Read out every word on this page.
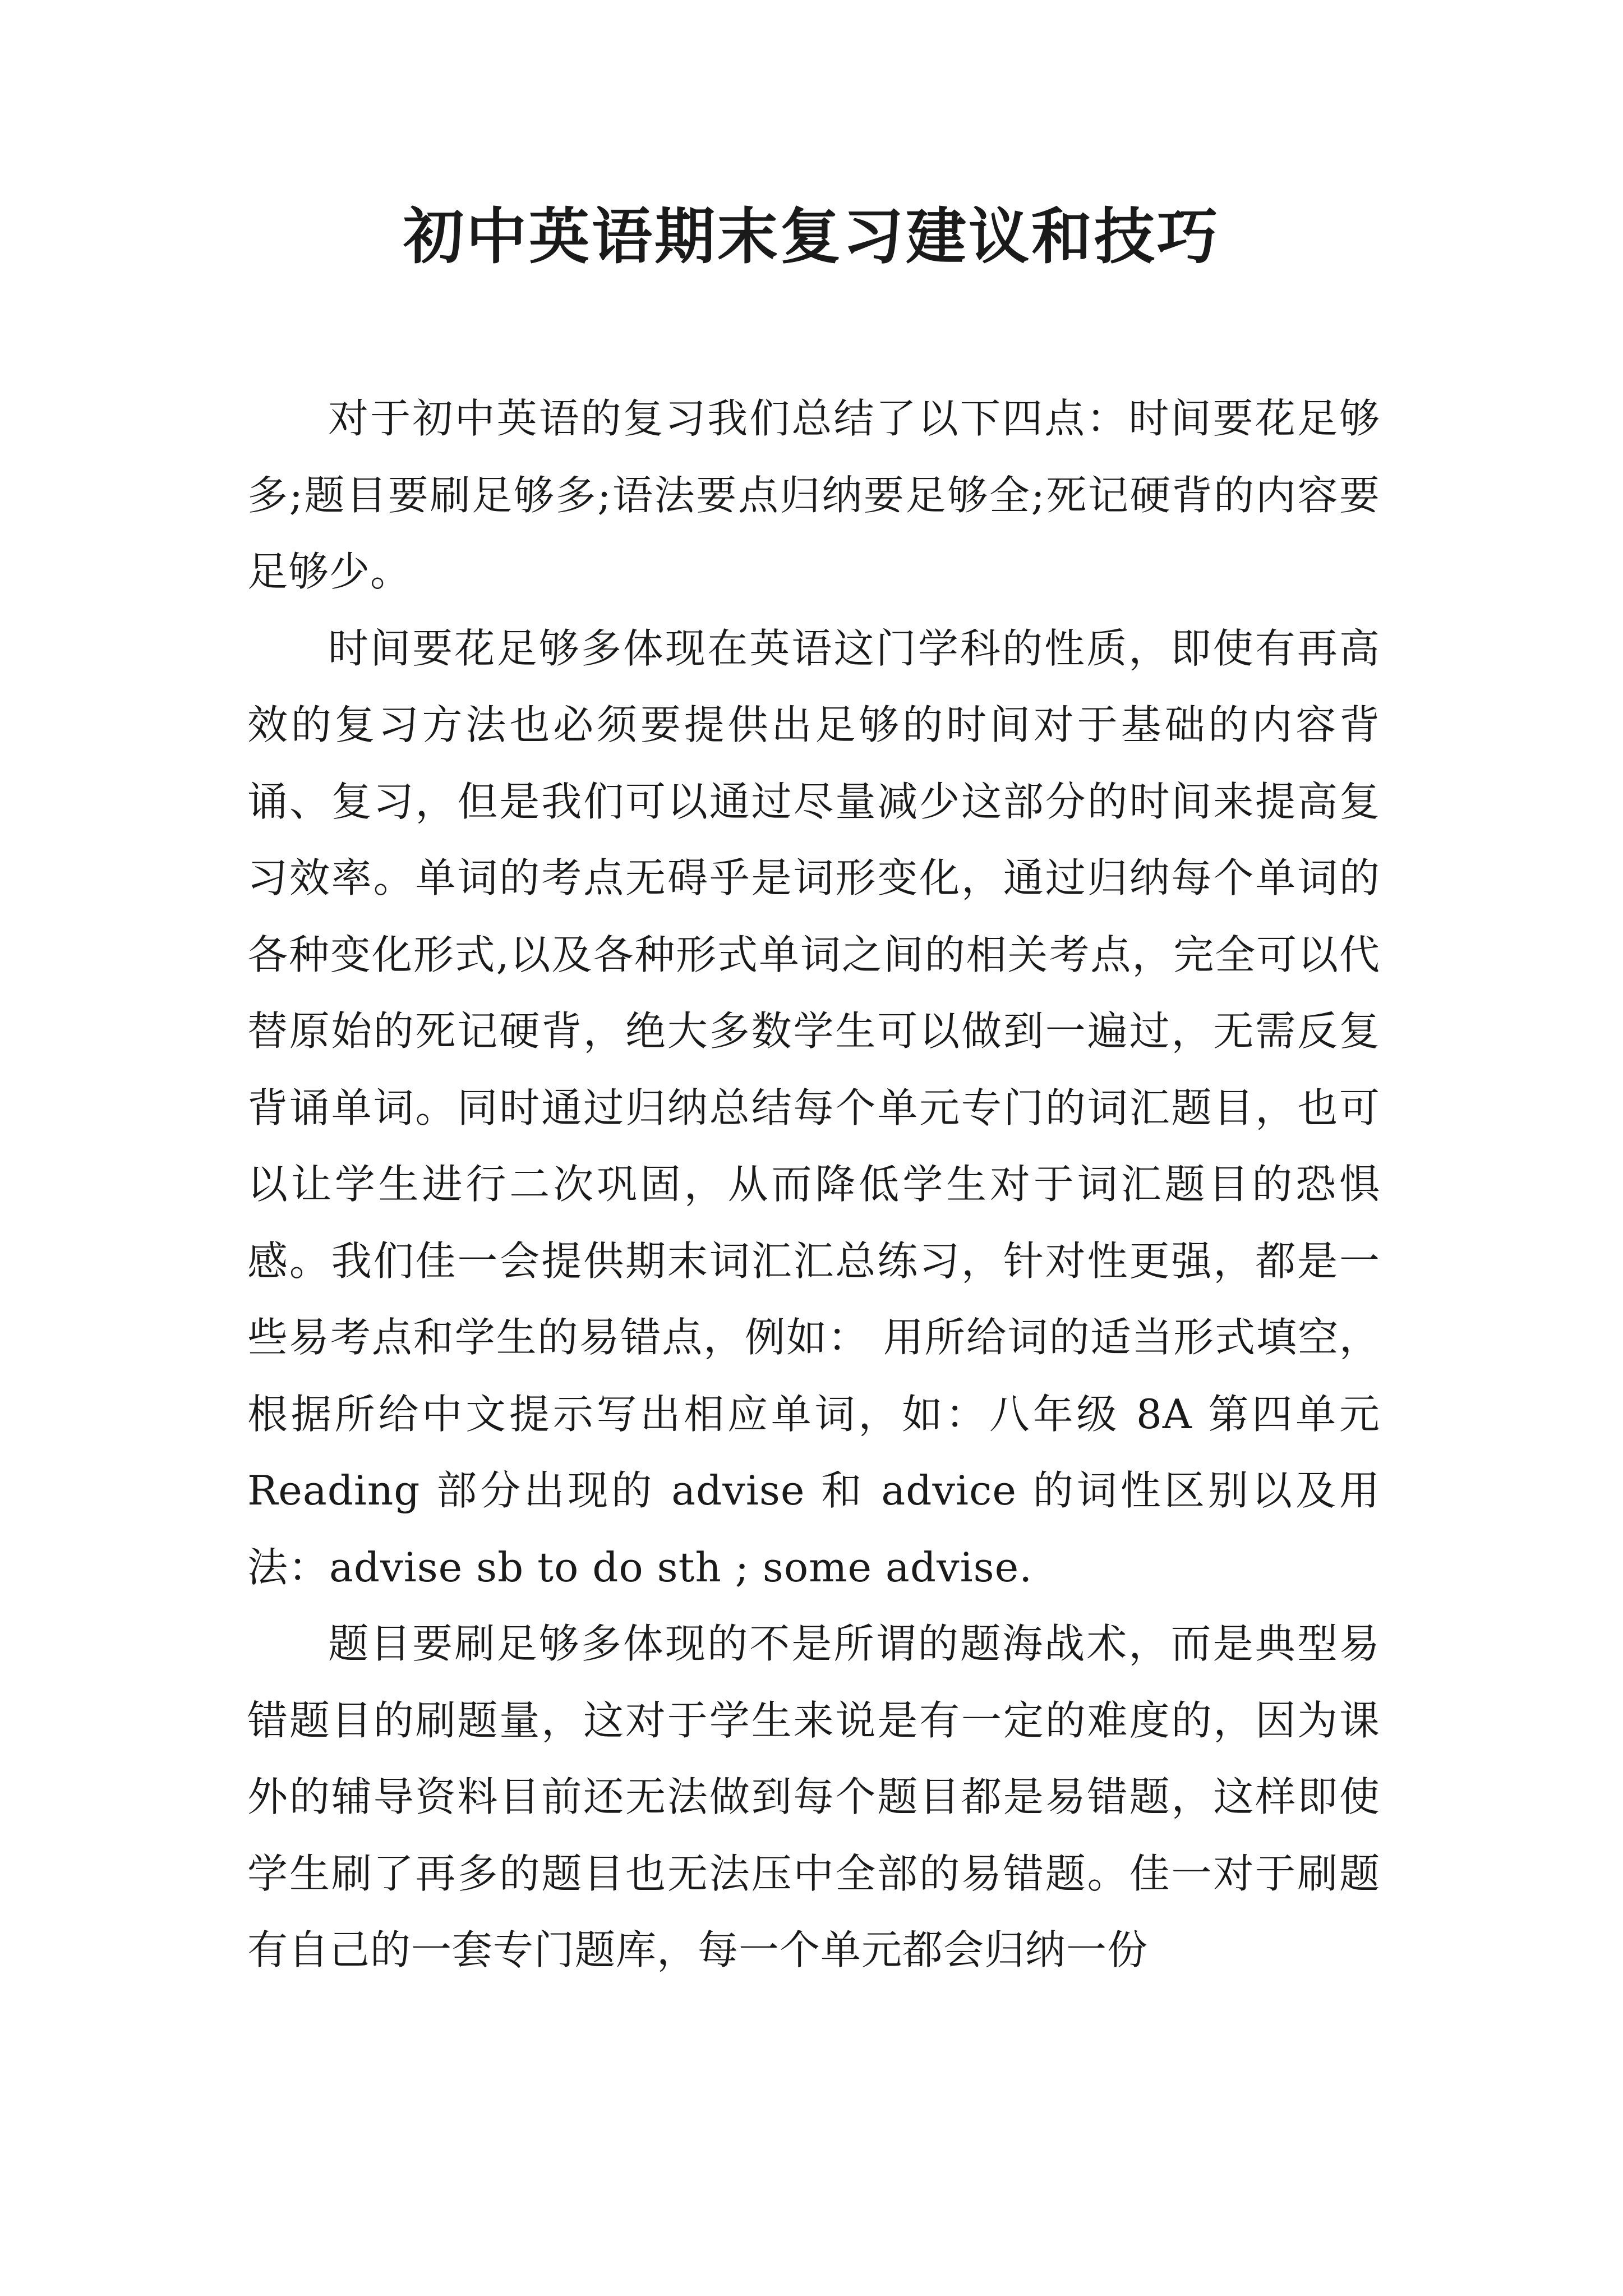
初中英语期末复习建议和技巧

对于初中英语的复习我们总结了以下四点：时间要花足够多;题目要刷足够多;语法要点归纳要足够全;死记硬背的内容要足够少。

时间要花足够多体现在英语这门学科的性质，即使有再高效的复习方法也必须要提供出足够的时间对于基础的内容背诵、复习，但是我们可以通过尽量减少这部分的时间来提高复习效率。单词的考点无碍乎是词形变化，通过归纳每个单词的各种变化形式,以及各种形式单词之间的相关考点，完全可以代替原始的死记硬背，绝大多数学生可以做到一遍过，无需反复背诵单词。同时通过归纳总结每个单元专门的词汇题目，也可以让学生进行二次巩固，从而降低学生对于词汇题目的恐惧感。我们佳一会提供期末词汇汇总练习，针对性更强，都是一些易考点和学生的易错点，例如： 用所给词的适当形式填空，根据所给中文提示写出相应单词，如：八年级 8A 第四单元 Reading 部分出现的 advise 和 advice 的词性区别以及用法：advise sb to do sth ; some advise.

题目要刷足够多体现的不是所谓的题海战术，而是典型易错题目的刷题量，这对于学生来说是有一定的难度的，因为课外的辅导资料目前还无法做到每个题目都是易错题，这样即使学生刷了再多的题目也无法压中全部的易错题。佳一对于刷题有自己的一套专门题库，每一个单元都会归纳一份
